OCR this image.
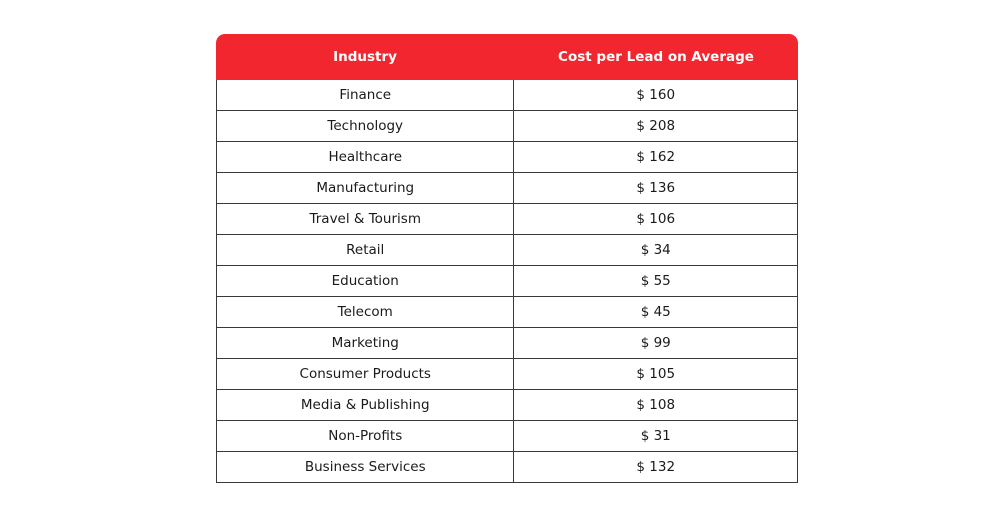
Industry	Cost per Lead on Average
Finance	$ 160
Technology	$ 208
Healthcare	$ 162
Manufacturing	$ 136
Travel & Tourism	$ 106
Retail	$ 34
Education	$ 55
Telecom	$ 45
Marketing	$ 99
Consumer Products	$ 105
Media & Publishing	$ 108
Non-Profits	$ 31
Business Services	$ 132
